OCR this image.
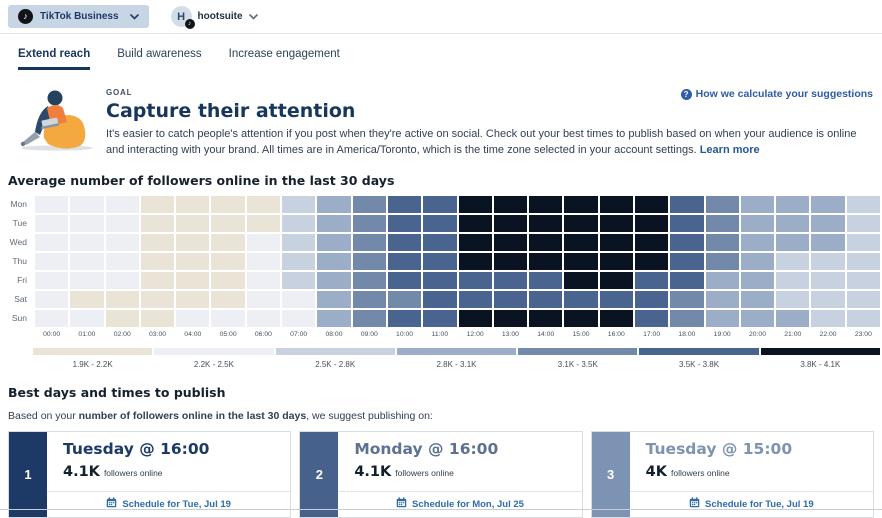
♪	TikTok Business	H
♪
hootsuite
Extend reach Build awareness Increase engagement
GOAL
Capture their attention
It's easier to catch people's attention if you post when they're active on social. Check out your best times to publish based on when your audience is online and interacting with your brand. All times are in America/Toronto, which is the time zone selected in your account settings. Learn more
? How we calculate your suggestions
Average number of followers online in the last 30 days
Mon
Tue
Wed
Thu
Fri
Sat
Sun
00:00	01:00	02:00	03:00	04:00	05:00	06:00	07:00	08:00	09:00	10:00	11:00	12:00	13:00	14:00	15:00	16:00	17:00	18:00	19:00	20:00	21:00	22:00	23:00
1.9K - 2.2K	2.2K - 2.5K	2.5K - 2.8K	2.8K - 3.1K	3.1K - 3.5K	3.5K - 3.8K	3.8K - 4.1K
Best days and times to publish
Based on your number of followers online in the last 30 days, we suggest publishing on:
1
Tuesday @ 16:00
4.1K followers online
Schedule for Tue, Jul 19
2
Monday @ 16:00
4.1K followers online
Schedule for Mon, Jul 25
3
Tuesday @ 15:00
4K followers online
Schedule for Tue, Jul 19
